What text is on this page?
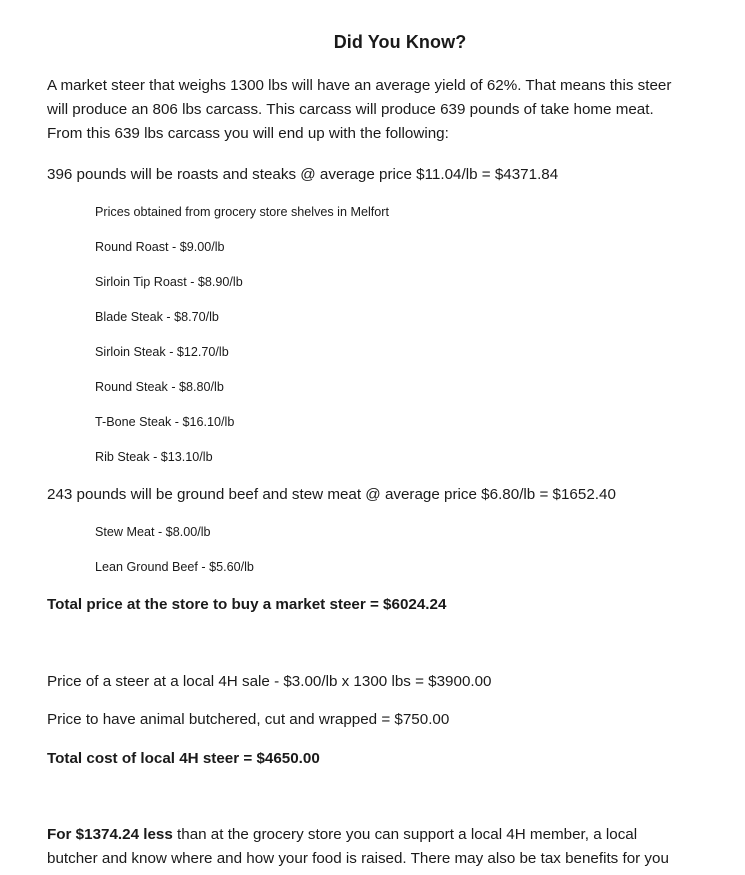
Did You Know?
A market steer that weighs 1300 lbs will have an average yield of 62%. That means this steer
will produce an 806 lbs carcass. This carcass will produce 639 pounds of take home meat.
From this 639 lbs carcass you will end up with the following:
396 pounds will be roasts and steaks @ average price $11.04/lb = $4371.84
Prices obtained from grocery store shelves in Melfort
Round Roast - $9.00/lb
Sirloin Tip Roast - $8.90/lb
Blade Steak - $8.70/lb
Sirloin Steak - $12.70/lb
Round Steak - $8.80/lb
T-Bone Steak - $16.10/lb
Rib Steak - $13.10/lb
243 pounds will be ground beef and stew meat @ average price $6.80/lb = $1652.40
Stew Meat - $8.00/lb
Lean Ground Beef - $5.60/lb
Total price at the store to buy a market steer = $6024.24
Price of a steer at a local 4H sale - $3.00/lb x 1300 lbs = $3900.00
Price to have animal butchered, cut and wrapped = $750.00
Total cost of local 4H steer = $4650.00
For $1374.24 less than at the grocery store you can support a local 4H member, a local
butcher and know where and how your food is raised. There may also be tax benefits for you
